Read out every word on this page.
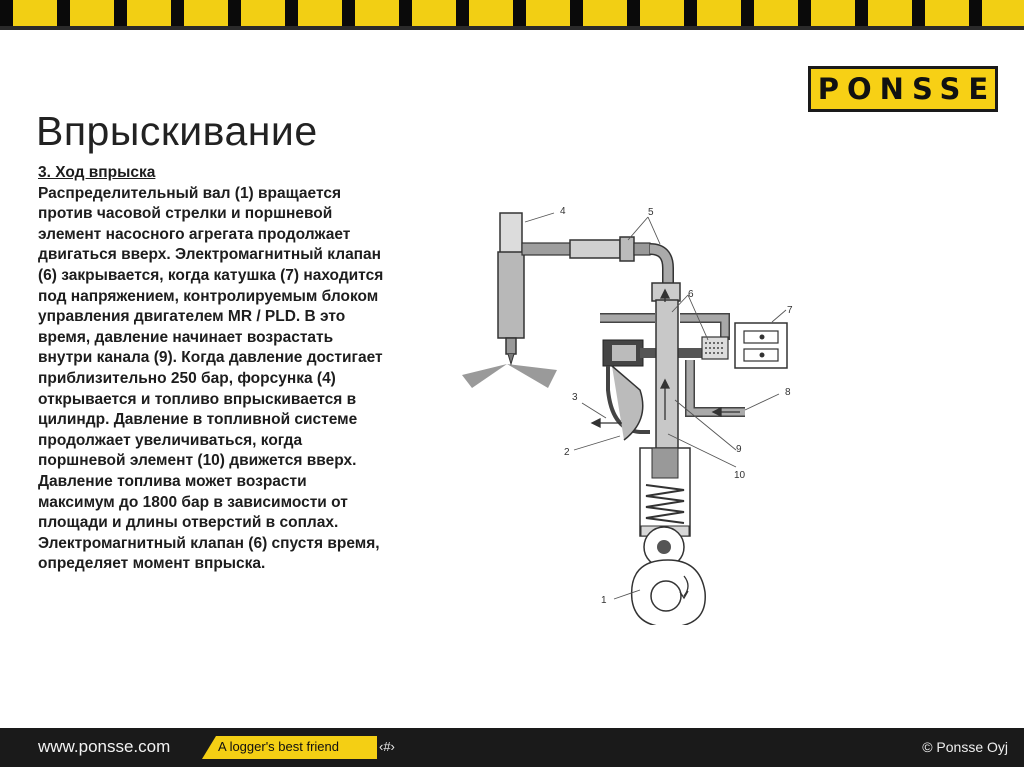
PONSSE
Впрыскивание
3. Ход впрыска
Распределительный вал (1) вращается
против часовой стрелки и поршневой
элемент насосного агрегата продолжает
двигаться вверх. Электромагнитный клапан
(6) закрывается, когда катушка (7) находится
под напряжением, контролируемым блоком
управления двигателем MR / PLD. В это
время, давление начинает возрастать
внутри канала (9). Когда давление достигает
приблизительно 250 бар, форсунка (4)
открывается и топливо впрыскивается в
цилиндр. Давление в топливной системе
продолжает увеличиваться, когда
поршневой элемент (10) движется вверх.
Давление топлива может возрасти
максимум до 1800 бар в зависимости от
площади и длины отверстий в соплах.
Электромагнитный клапан (6) спустя время,
определяет момент впрыска.
4	5
6
7
8
3
2	9
10
1
www.ponsse.com	A logger's best friend	‹#›	© Ponsse Oyj
